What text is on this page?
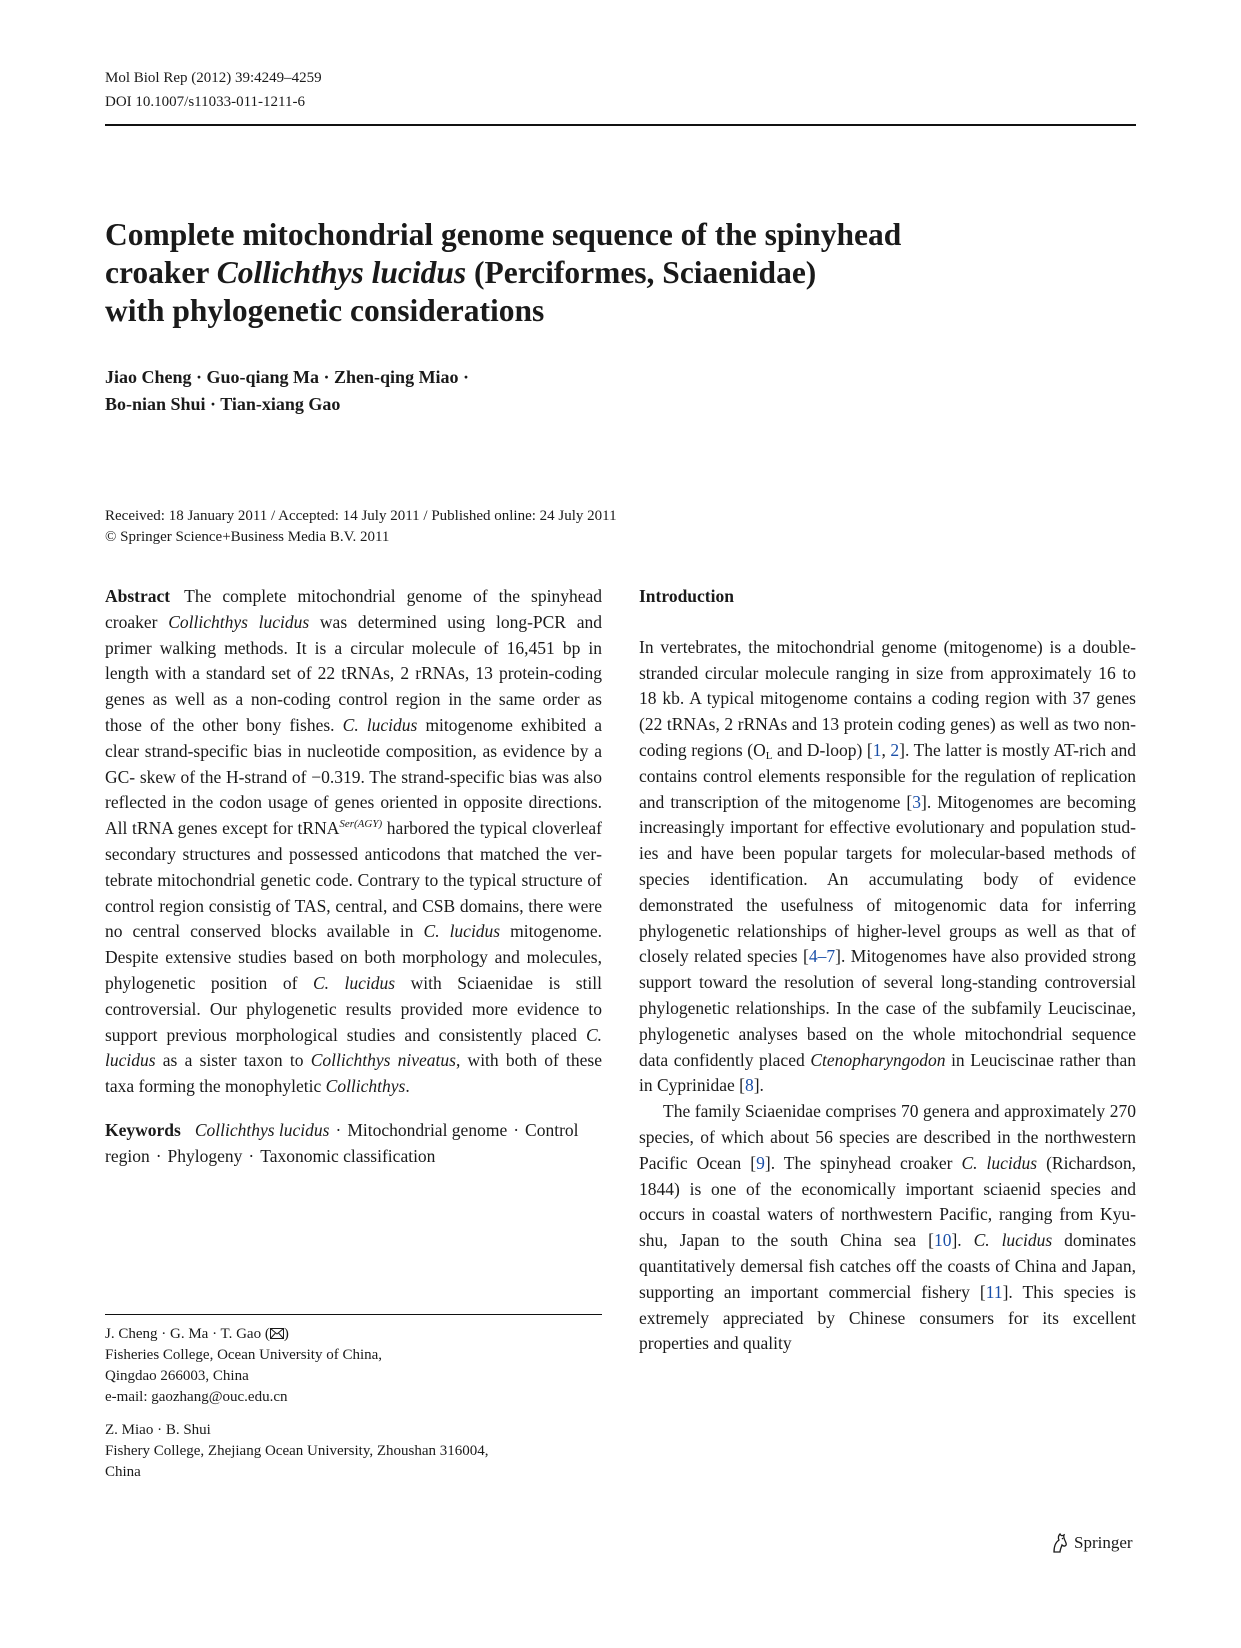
Mol Biol Rep (2012) 39:4249–4259
DOI 10.1007/s11033-011-1211-6
Complete mitochondrial genome sequence of the spinyhead
croaker Collichthys lucidus (Perciformes, Sciaenidae)
with phylogenetic considerations
Jiao Cheng · Guo-qiang Ma · Zhen-qing Miao ·
Bo-nian Shui · Tian-xiang Gao
Received: 18 January 2011 / Accepted: 14 July 2011 / Published online: 24 July 2011
© Springer Science+Business Media B.V. 2011

Abstract The complete mitochondrial genome of the spinyhead croaker Collichthys lucidus was determined using long-PCR and primer walking methods. It is a circular molecule of 16,451 bp in length with a standard set of 22 tRNAs, 2 rRNAs, 13 protein-coding genes as well as a non-coding control region in the same order as those of the other bony fishes. C. lucidus mitogenome exhibited a clear strand-specific bias in nucleotide composition, as evidence by a GC- skew of the H-strand of −0.319. The strand-specific bias was also reflected in the codon usage of genes oriented in opposite directions. All tRNA genes except for tRNA$^{Ser(AGY)}$ harbored the typical cloverleaf secondary structures and possessed anticodons that matched the vertebrate mitochondrial genetic code. Contrary to the typical structure of control region consistig of TAS, central, and CSB domains, there were no central conserved blocks available in C. lucidus mitogenome. Despite extensive studies based on both morphology and molecules, phylogenetic position of C. lucidus with Sciaenidae is still controversial. Our phylogenetic results provided more evidence to support previous morphological studies and consistently placed C. lucidus as a sister taxon to Collichthys niveatus, with both of these taxa forming the monophyletic Collichthys.

Keywords Collichthys lucidus · Mitochondrial genome · Control region · Phylogeny · Taxonomic classification

J. Cheng · G. Ma · T. Gao ( )
Fisheries College, Ocean University of China,
Qingdao 266003, China
e-mail: gaozhang@ouc.edu.cn
Z. Miao · B. Shui
Fishery College, Zhejiang Ocean University, Zhoushan 316004,
China
Introduction

In vertebrates, the mitochondrial genome (mitogenome) is a double-stranded circular molecule ranging in size from approximately 16 to 18 kb. A typical mitogenome contains a coding region with 37 genes (22 tRNAs, 2 rRNAs and 13 protein coding genes) as well as two non-coding regions ($O_L$ and D-loop) [1, 2]. The latter is mostly AT-rich and contains control elements responsible for the regulation of replication and transcription of the mitogenome [3]. Mitogenomes are becoming increasingly important for effective evolutionary and population studies and have been popular targets for molecular-based methods of species identification. An accumulating body of evidence demonstrated the usefulness of mitogenomic data for inferring phylogenetic relationships of higher-level groups as well as that of closely related species [4–7]. Mitogenomes have also provided strong support toward the resolution of several long-standing controversial phylogenetic relationships. In the case of the subfamily Leuciscinae, phylogenetic analyses based on the whole mitochondrial sequence data confidently placed Ctenopharyngodon in Leuciscinae rather than in Cyprinidae [8].

The family Sciaenidae comprises 70 genera and approximately 270 species, of which about 56 species are described in the northwestern Pacific Ocean [9]. The spinyhead croaker C. lucidus (Richardson, 1844) is one of the economically important sciaenid species and occurs in coastal waters of northwestern Pacific, ranging from Kyushu, Japan to the south China sea [10]. C. lucidus dominates quantitatively demersal fish catches off the coasts of China and Japan, supporting an important commercial fishery [11]. This species is extremely appreciated by Chinese consumers for its excellent properties and quality

Springer
